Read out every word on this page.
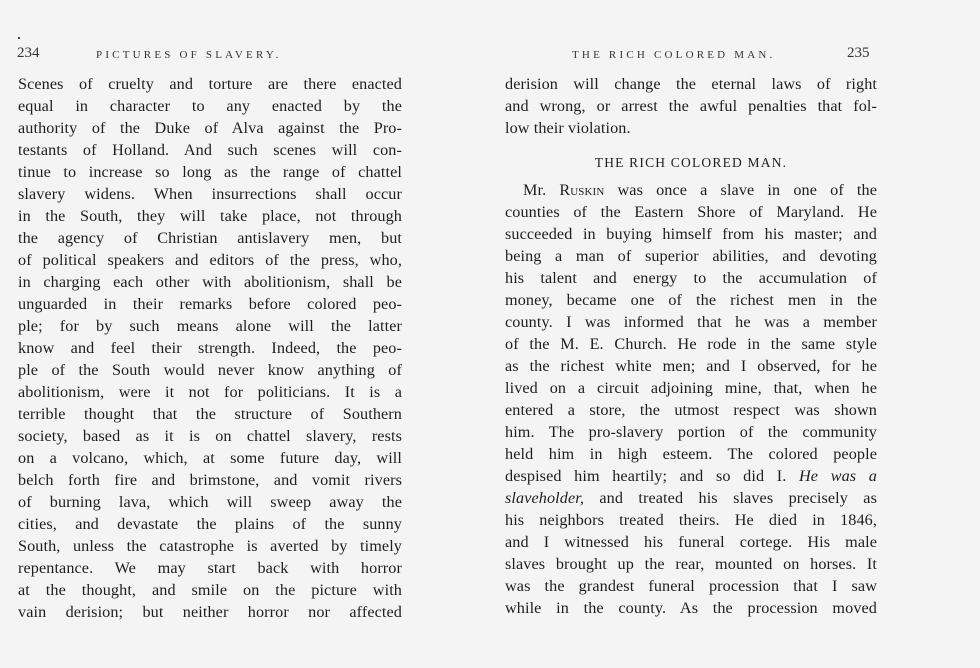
234	PICTURES OF SLAVERY.
Scenes of cruelty and torture are there enacted
equal in character to any enacted by the
authority of the Duke of Alva against the Pro-
testants of Holland. And such scenes will con-
tinue to increase so long as the range of chattel
slavery widens. When insurrections shall occur
in the South, they will take place, not through
the agency of Christian antislavery men, but
of political speakers and editors of the press, who,
in charging each other with abolitionism, shall be
unguarded in their remarks before colored peo-
ple; for by such means alone will the latter
know and feel their strength. Indeed, the peo-
ple of the South would never know anything of
abolitionism, were it not for politicians. It is a
terrible thought that the structure of Southern
society, based as it is on chattel slavery, rests
on a volcano, which, at some future day, will
belch forth fire and brimstone, and vomit rivers
of burning lava, which will sweep away the
cities, and devastate the plains of the sunny
South, unless the catastrophe is averted by timely
repentance. We may start back with horror
at the thought, and smile on the picture with
vain derision; but neither horror nor affected
THE RICH COLORED MAN.	235
derision will change the eternal laws of right
and wrong, or arrest the awful penalties that fol-
low their violation.
THE RICH COLORED MAN.
Mr. Ruskin was once a slave in one of the
counties of the Eastern Shore of Maryland. He
succeeded in buying himself from his master; and
being a man of superior abilities, and devoting
his talent and energy to the accumulation of
money, became one of the richest men in the
county. I was informed that he was a member
of the M. E. Church. He rode in the same style
as the richest white men; and I observed, for he
lived on a circuit adjoining mine, that, when he
entered a store, the utmost respect was shown
him. The pro-slavery portion of the community
held him in high esteem. The colored people
despised him heartily; and so did I. He was a
slaveholder, and treated his slaves precisely as
his neighbors treated theirs. He died in 1846,
and I witnessed his funeral cortege. His male
slaves brought up the rear, mounted on horses. It
was the grandest funeral procession that I saw
while in the county. As the procession moved
